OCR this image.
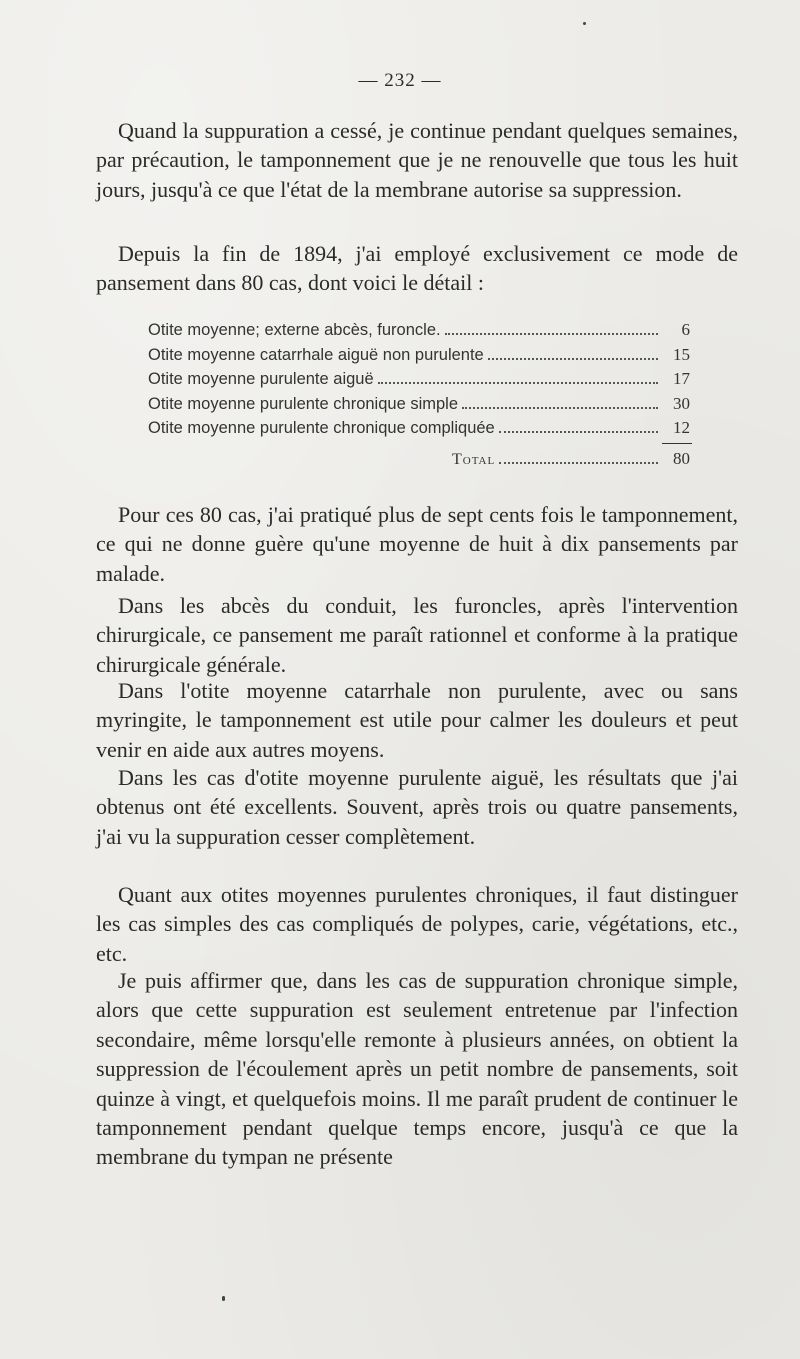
— 232 —

Quand la suppuration a cessé, je continue pendant quelques semaines, par précaution, le tamponnement que je ne renouvelle que tous les huit jours, jusqu'à ce que l'état de la membrane autorise sa suppression.

Depuis la fin de 1894, j'ai employé exclusivement ce mode de pansement dans 80 cas, dont voici le détail :

Otite moyenne; externe abcès, furoncle.	6
Otite moyenne catarrhale aiguë non purulente	15
Otite moyenne purulente aiguë	17
Otite moyenne purulente chronique simple	30
Otite moyenne purulente chronique compliquée	12
Total	80

Pour ces 80 cas, j'ai pratiqué plus de sept cents fois le tamponnement, ce qui ne donne guère qu'une moyenne de huit à dix pansements par malade.

Dans les abcès du conduit, les furoncles, après l'intervention chirurgicale, ce pansement me paraît rationnel et conforme à la pratique chirurgicale générale.

Dans l'otite moyenne catarrhale non purulente, avec ou sans myringite, le tamponnement est utile pour calmer les douleurs et peut venir en aide aux autres moyens.

Dans les cas d'otite moyenne purulente aiguë, les résultats que j'ai obtenus ont été excellents. Souvent, après trois ou quatre pansements, j'ai vu la suppuration cesser complètement.

Quant aux otites moyennes purulentes chroniques, il faut distinguer les cas simples des cas compliqués de polypes, carie, végétations, etc., etc.

Je puis affirmer que, dans les cas de suppuration chronique simple, alors que cette suppuration est seulement entretenue par l'infection secondaire, même lorsqu'elle remonte à plusieurs années, on obtient la suppression de l'écoulement après un petit nombre de pansements, soit quinze à vingt, et quelquefois moins. Il me paraît prudent de continuer le tamponnement pendant quelque temps encore, jusqu'à ce que la membrane du tympan ne présente
